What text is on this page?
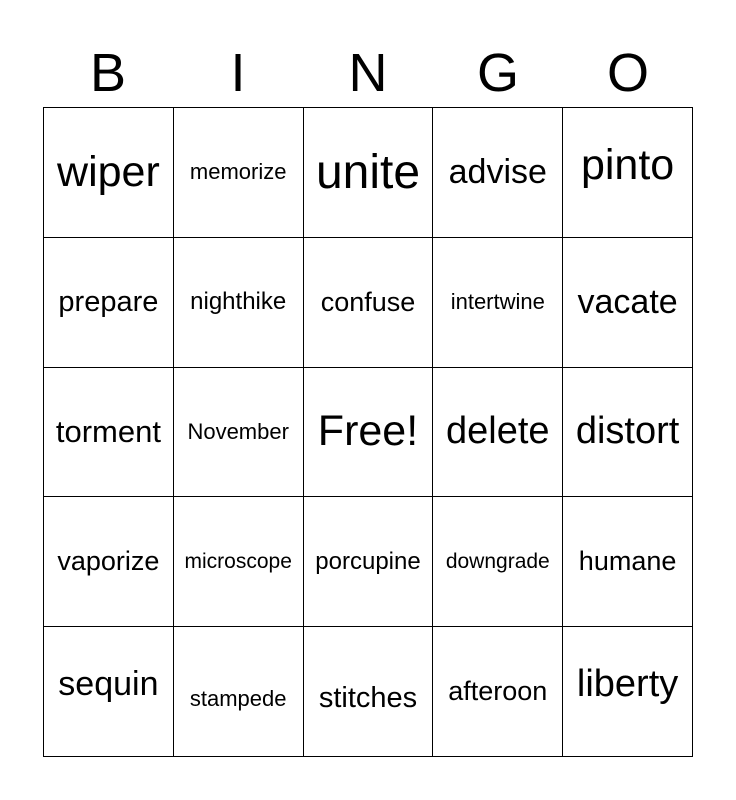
B	I	N	G	O
wiper memorize unite advise pinto
prepare nighthike confuse intertwine vacate
torment November Free! delete distort
vaporize microscope porcupine downgrade humane
sequin stampede stitches afteroon liberty
